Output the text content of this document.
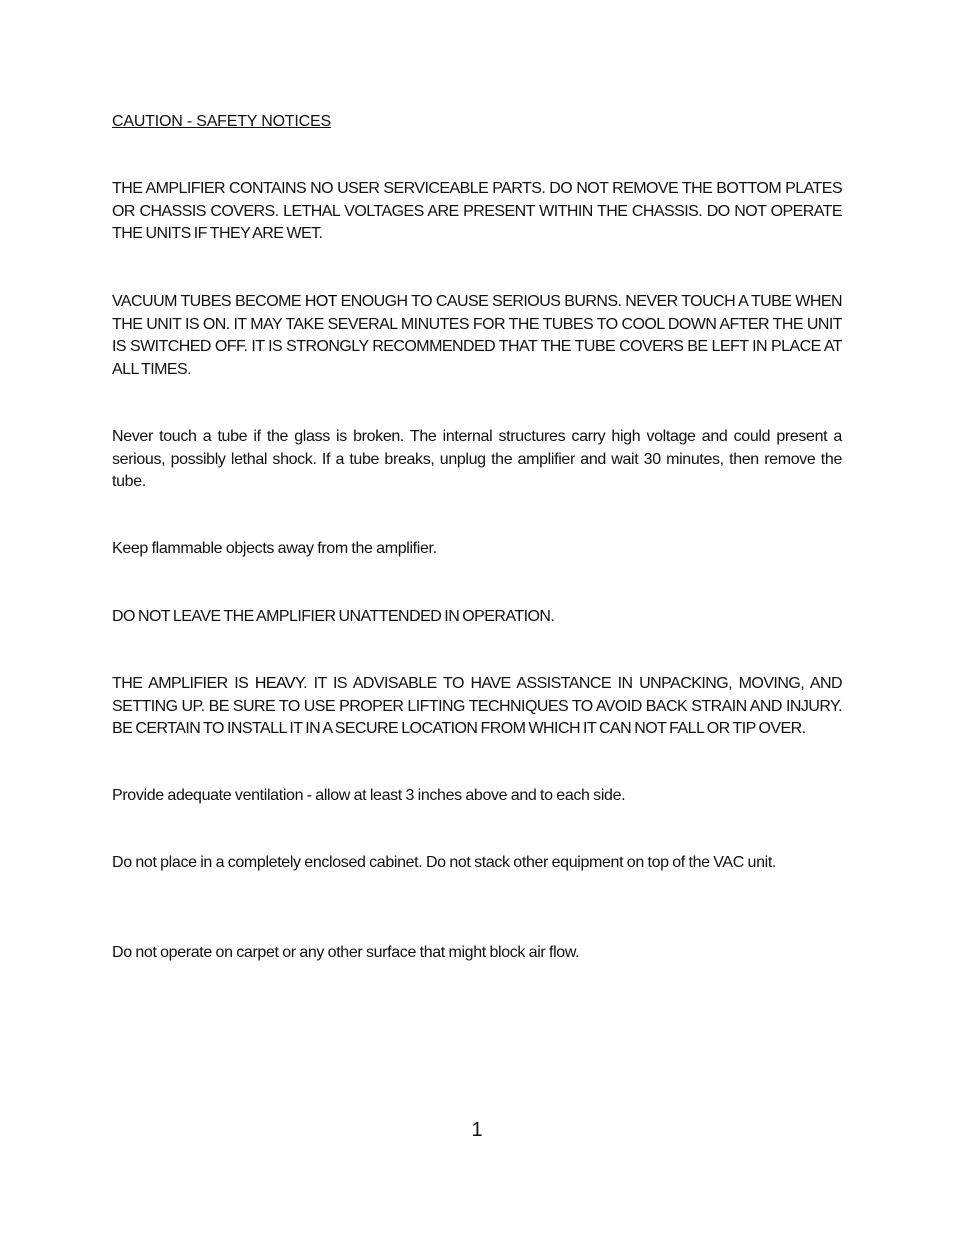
CAUTION - SAFETY NOTICES

THE AMPLIFIER CONTAINS NO USER SERVICEABLE PARTS. DO NOT REMOVE THE BOTTOM PLATES OR CHASSIS COVERS. LETHAL VOLTAGES ARE PRESENT WITHIN THE CHASSIS. DO NOT OPERATE THE UNITS IF THEY ARE WET.

VACUUM TUBES BECOME HOT ENOUGH TO CAUSE SERIOUS BURNS. NEVER TOUCH A TUBE WHEN THE UNIT IS ON. IT MAY TAKE SEVERAL MINUTES FOR THE TUBES TO COOL DOWN AFTER THE UNIT IS SWITCHED OFF. IT IS STRONGLY RECOMMENDED THAT THE TUBE COVERS BE LEFT IN PLACE AT ALL TIMES.

Never touch a tube if the glass is broken. The internal structures carry high voltage and could present a serious, possibly lethal shock. If a tube breaks, unplug the amplifier and wait 30 minutes, then remove the tube.

Keep flammable objects away from the amplifier.

DO NOT LEAVE THE AMPLIFIER UNATTENDED IN OPERATION.

THE AMPLIFIER IS HEAVY. IT IS ADVISABLE TO HAVE ASSISTANCE IN UNPACKING, MOVING, AND SETTING UP. BE SURE TO USE PROPER LIFTING TECHNIQUES TO AVOID BACK STRAIN AND INJURY. BE CERTAIN TO INSTALL IT IN A SECURE LOCATION FROM WHICH IT CAN NOT FALL OR TIP OVER.

Provide adequate ventilation - allow at least 3 inches above and to each side.

Do not place in a completely enclosed cabinet. Do not stack other equipment on top of the VAC unit.

Do not operate on carpet or any other surface that might block air flow.

1
